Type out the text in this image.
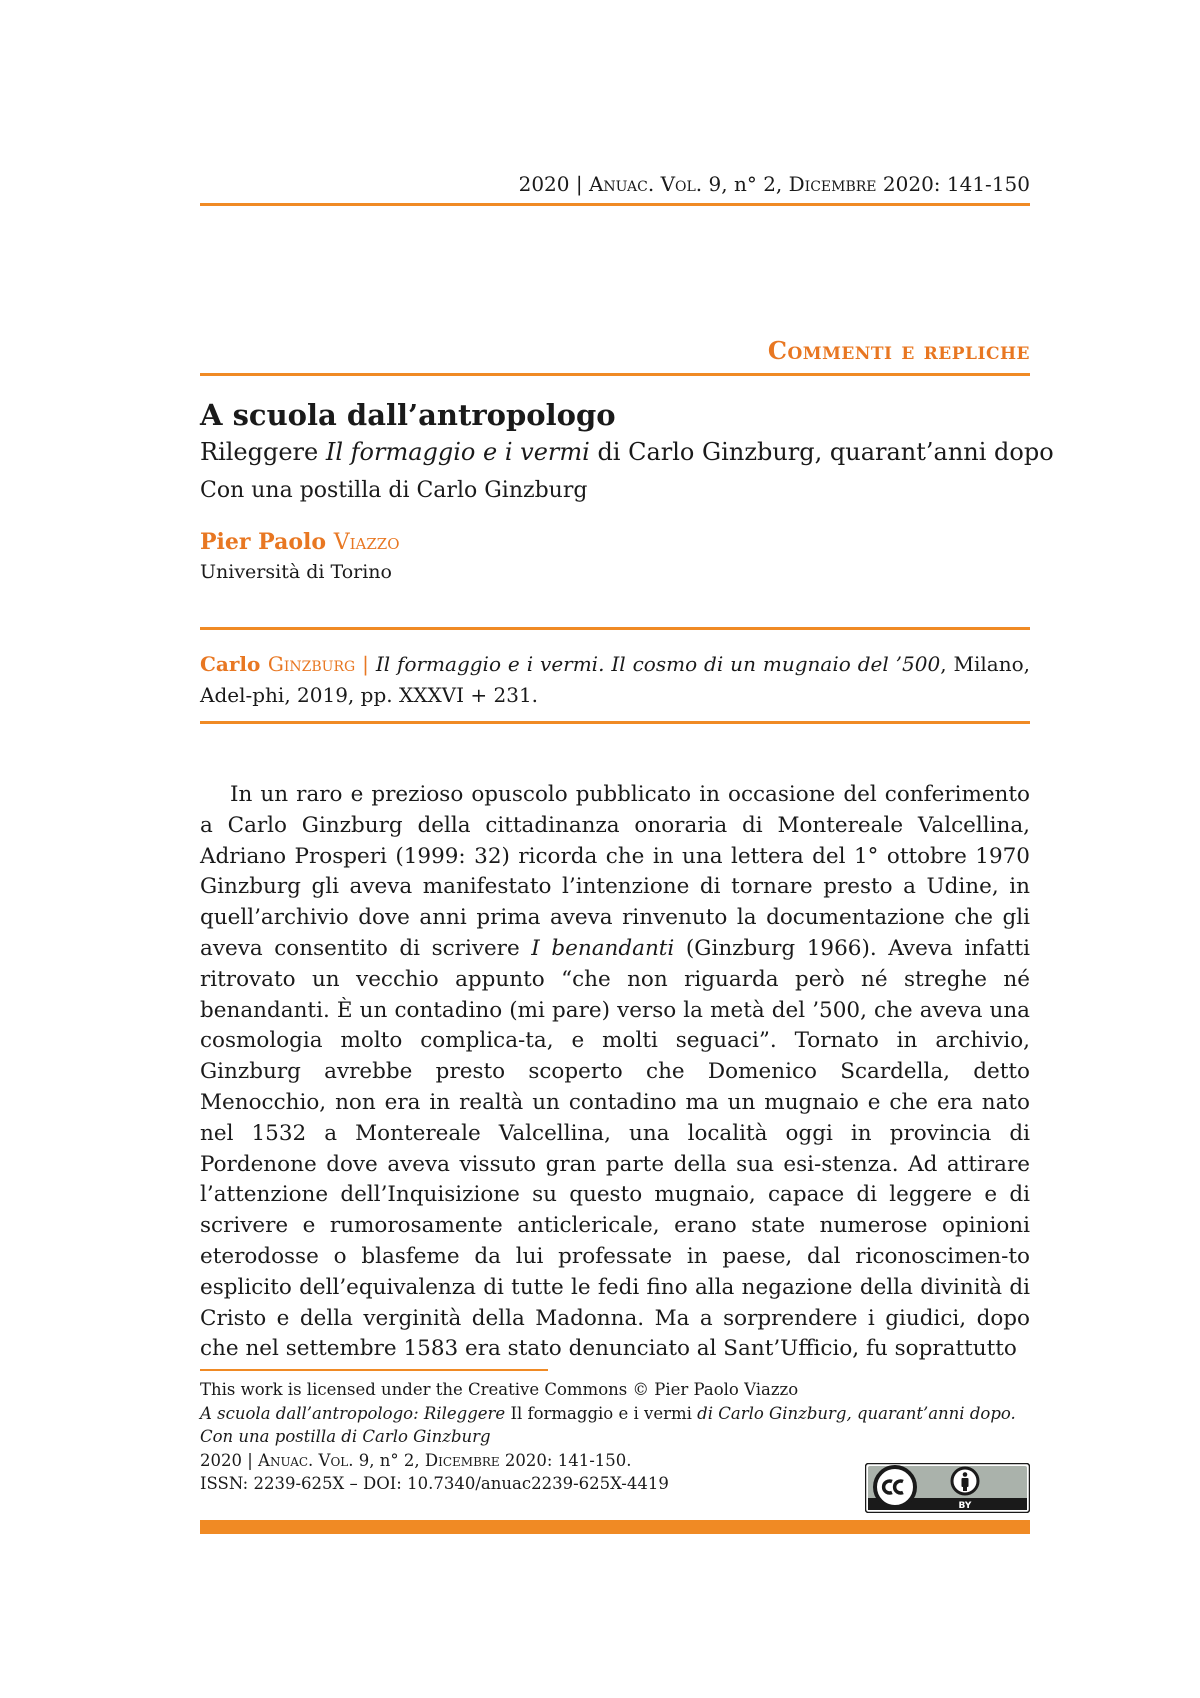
2020 | Anuac. Vol. 9, n° 2, Dicembre 2020: 141-150
Commenti e repliche
A scuola dall’antropologo
Rileggere Il formaggio e i vermi di Carlo Ginzburg, quarant’anni dopo
Con una postilla di Carlo Ginzburg
Pier Paolo Viazzo
Università di Torino
Carlo Ginzburg | Il formaggio e i vermi. Il cosmo di un mugnaio del ’500, Milano, Adel-phi, 2019, pp. XXXVI + 231.

In un raro e prezioso opuscolo pubblicato in occasione del conferimento a Carlo Ginzburg della cittadinanza onoraria di Montereale Valcellina, Adriano Prosperi (1999: 32) ricorda che in una lettera del 1° ottobre 1970 Ginzburg gli aveva manifestato l’intenzione di tornare presto a Udine, in quell’archivio dove anni prima aveva rinvenuto la documentazione che gli aveva consentito di scrivere I benandanti (Ginzburg 1966). Aveva infatti ritrovato un vecchio appunto “che non riguarda però né streghe né benandanti. È un contadino (mi pare) verso la metà del ’500, che aveva una cosmologia molto complica-ta, e molti seguaci”. Tornato in archivio, Ginzburg avrebbe presto scoperto che Domenico Scardella, detto Menocchio, non era in realtà un contadino ma un mugnaio e che era nato nel 1532 a Montereale Valcellina, una località oggi in provincia di Pordenone dove aveva vissuto gran parte della sua esi-stenza. Ad attirare l’attenzione dell’Inquisizione su questo mugnaio, capace di leggere e di scrivere e rumorosamente anticlericale, erano state numerose opinioni eterodosse o blasfeme da lui professate in paese, dal riconoscimen-to esplicito dell’equivalenza di tutte le fedi fino alla negazione della divinità di Cristo e della verginità della Madonna. Ma a sorprendere i giudici, dopo che nel settembre 1583 era stato denunciato al Sant’Ufficio, fu soprattutto

This work is licensed under the Creative Commons © Pier Paolo Viazzo
A scuola dall’antropologo: Rileggere Il formaggio e i vermi di Carlo Ginzburg, quarant’anni dopo.
Con una postilla di Carlo Ginzburg
2020 | Anuac. Vol. 9, n° 2, Dicembre 2020: 141-150.
ISSN: 2239-625X – DOI: 10.7340/anuac2239-625X-4419
BY
